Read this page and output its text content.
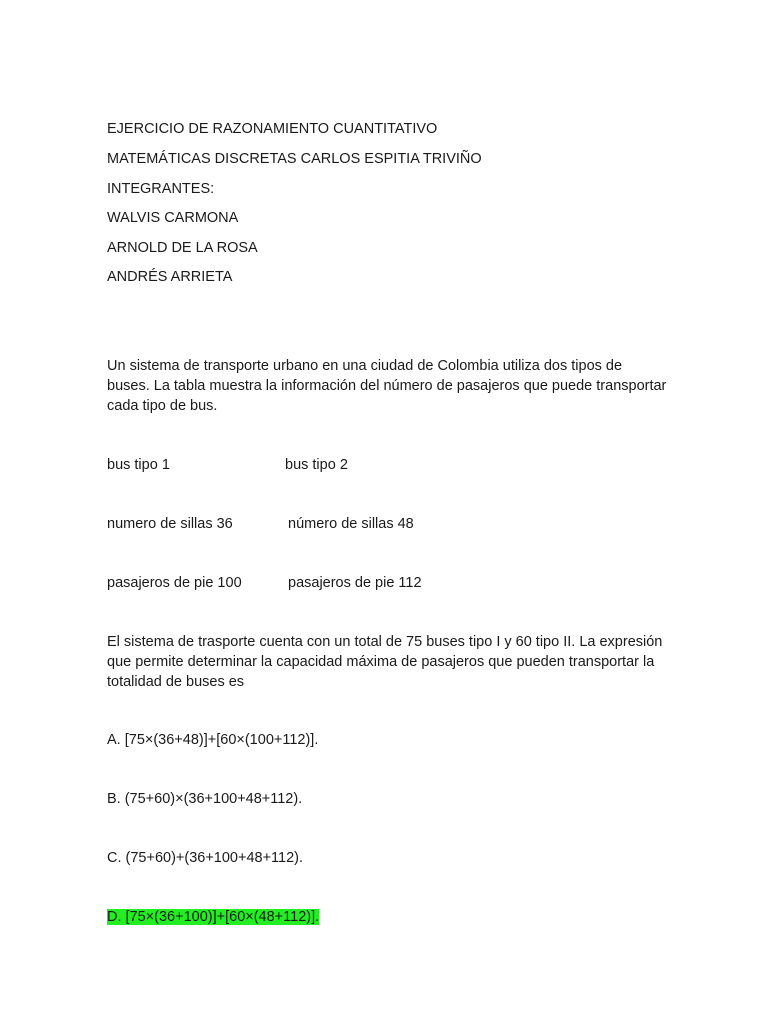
EJERCICIO DE RAZONAMIENTO CUANTITATIVO
MATEMÁTICAS DISCRETAS CARLOS ESPITIA TRIVIÑO
INTEGRANTES:
WALVIS CARMONA
ARNOLD DE LA ROSA
ANDRÉS ARRIETA
Un sistema de transporte urbano en una ciudad de Colombia utiliza dos tipos de buses. La tabla muestra la información del número de pasajeros que puede transportar cada tipo de bus.
bus tipo 1	bus tipo 2
numero de sillas 36	número de sillas 48
pasajeros de pie 100	pasajeros de pie 112
El sistema de trasporte cuenta con un total de 75 buses tipo I y 60 tipo II. La expresión que permite determinar la capacidad máxima de pasajeros que pueden transportar la totalidad de buses es
A. [75×(36+48)]+[60×(100+112)].
B. (75+60)×(36+100+48+112).
C. (75+60)+(36+100+48+112).
D. [75×(36+100)]+[60×(48+112)].
